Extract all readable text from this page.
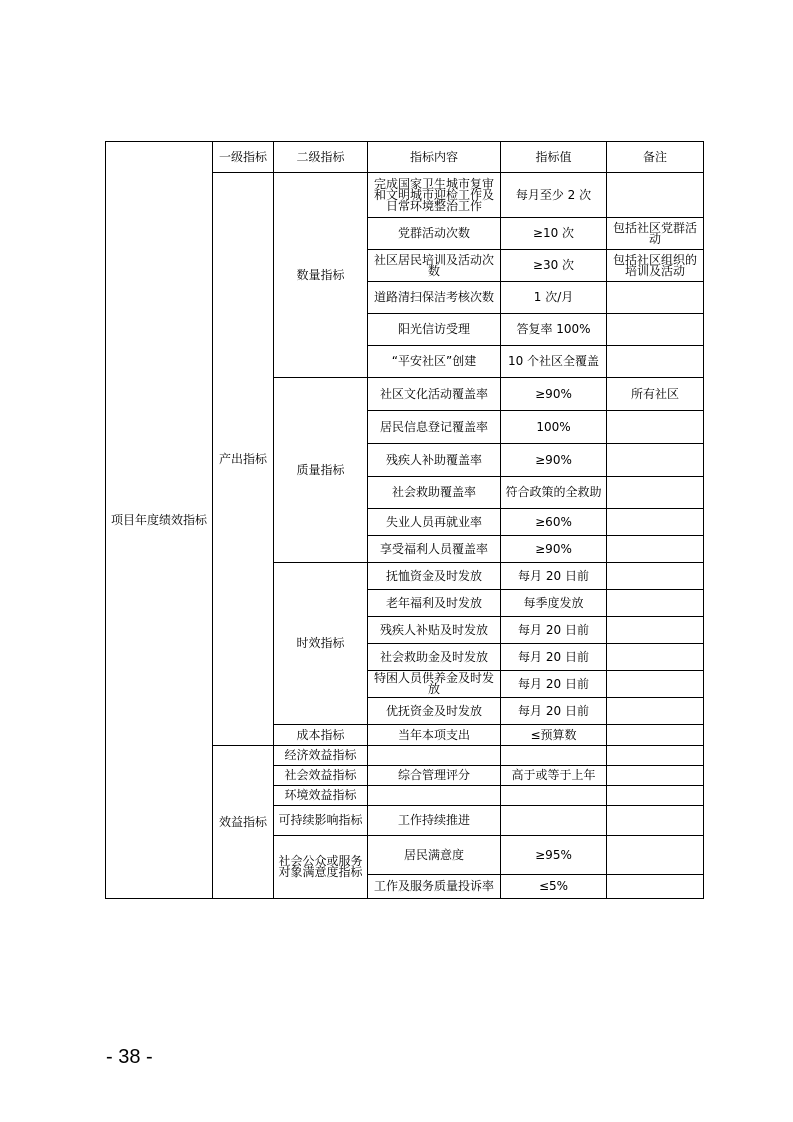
项目年度绩效指标	一级指标	二级指标	指标内容	指标值	备注
	产出指标	数量指标	完成国家卫生城市复审和文明城市迎检工作及日常环境整治工作	每月至少 2 次	
			党群活动次数	≥10 次	包括社区党群活动
			社区居民培训及活动次数	≥30 次	包括社区组织的培训及活动
			道路清扫保洁考核次数	1 次/月	
			阳光信访受理	答复率 100%	
			“平安社区”创建	10 个社区全覆盖	
		质量指标	社区文化活动覆盖率	≥90%	所有社区
			居民信息登记覆盖率	100%	
			残疾人补助覆盖率	≥90%	
			社会救助覆盖率	符合政策的全救助	
			失业人员再就业率	≥60%	
			享受福利人员覆盖率	≥90%	
		时效指标	抚恤资金及时发放	每月 20 日前	
			老年福利及时发放	每季度发放	
			残疾人补贴及时发放	每月 20 日前	
			社会救助金及时发放	每月 20 日前	
			特困人员供养金及时发放	每月 20 日前	
			优抚资金及时发放	每月 20 日前	
		成本指标	当年本项支出	≤预算数	
	效益指标	经济效益指标			
		社会效益指标	综合管理评分	高于或等于上年	
		环境效益指标			
		可持续影响指标	工作持续推进		
		社会公众或服务对象满意度指标	居民满意度	≥95%	
			工作及服务质量投诉率	≤5%	
- 38 -
